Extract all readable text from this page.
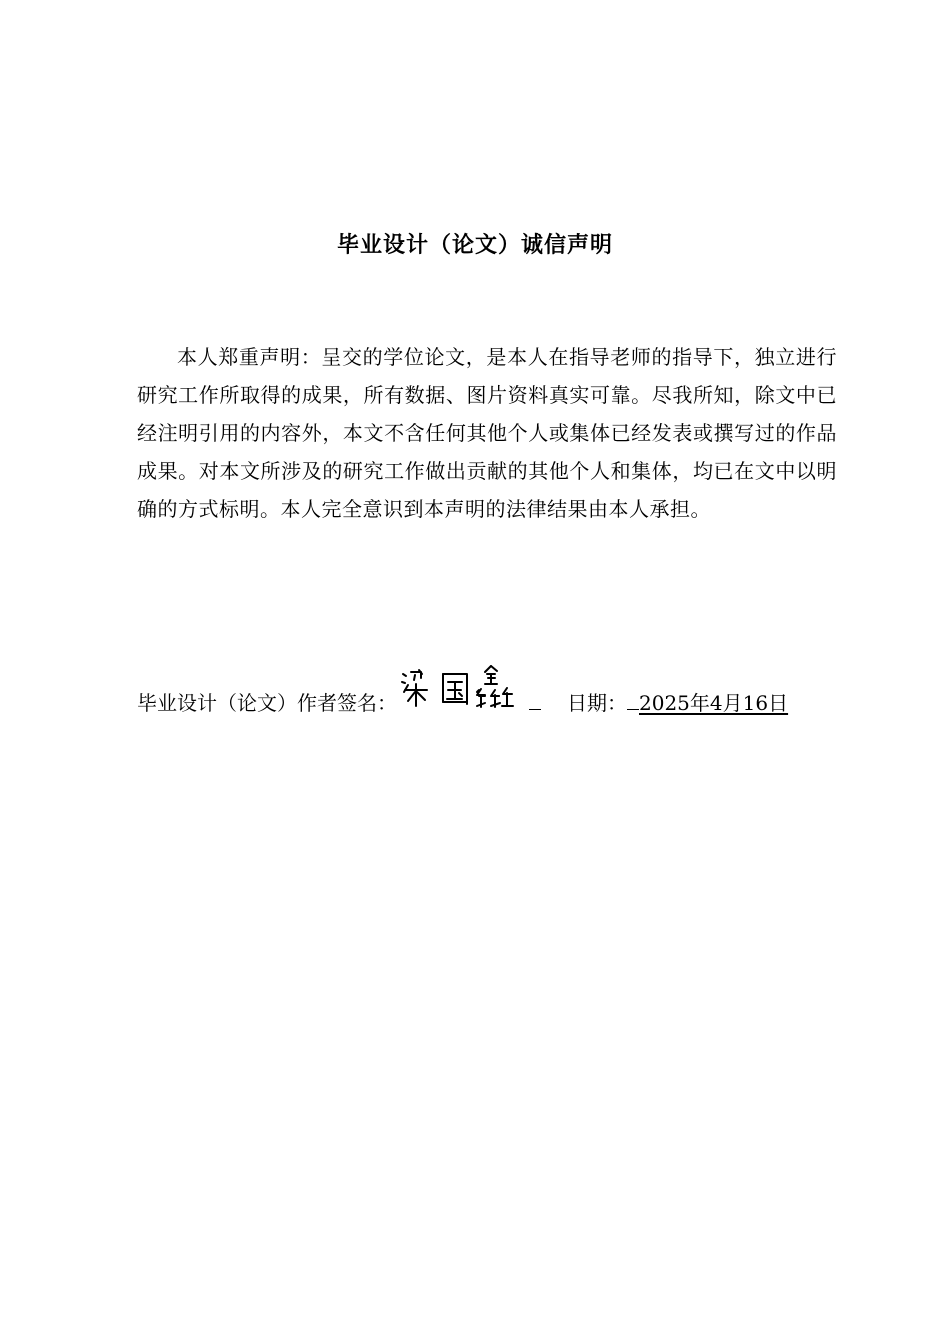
毕业设计（论文）诚信声明

本人郑重声明：呈交的学位论文，是本人在指导老师的指导下，独立进行研究工作所取得的成果，所有数据、图片资料真实可靠。尽我所知，除文中已经注明引用的内容外，本文不含任何其他个人或集体已经发表或撰写过的作品成果。对本文所涉及的研究工作做出贡献的其他个人和集体，均已在文中以明确的方式标明。本人完全意识到本声明的法律结果由本人承担。

毕业设计（论文）作者签名：	日期： 2025年4月16日
